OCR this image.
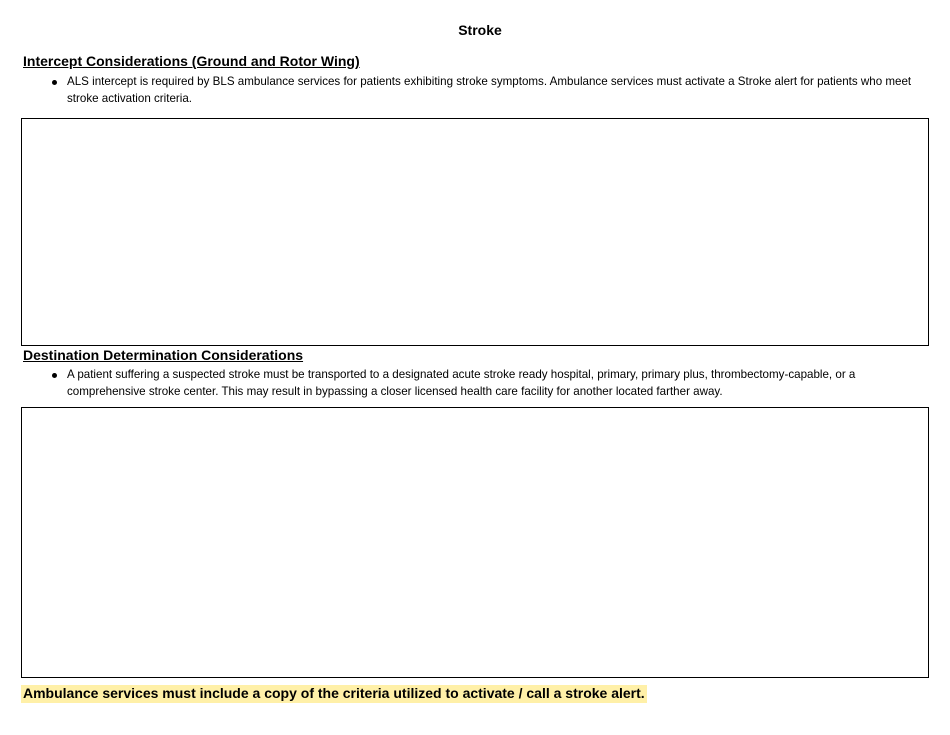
Stroke
Intercept Considerations (Ground and Rotor Wing)
ALS intercept is required by BLS ambulance services for patients exhibiting stroke symptoms. Ambulance services must activate a Stroke alert for patients who meet stroke activation criteria.
Destination Determination Considerations
A patient suffering a suspected stroke must be transported to a designated acute stroke ready hospital, primary, primary plus, thrombectomy-capable, or a comprehensive stroke center. This may result in bypassing a closer licensed health care facility for another located farther away.
Ambulance services must include a copy of the criteria utilized to activate / call a stroke alert.
